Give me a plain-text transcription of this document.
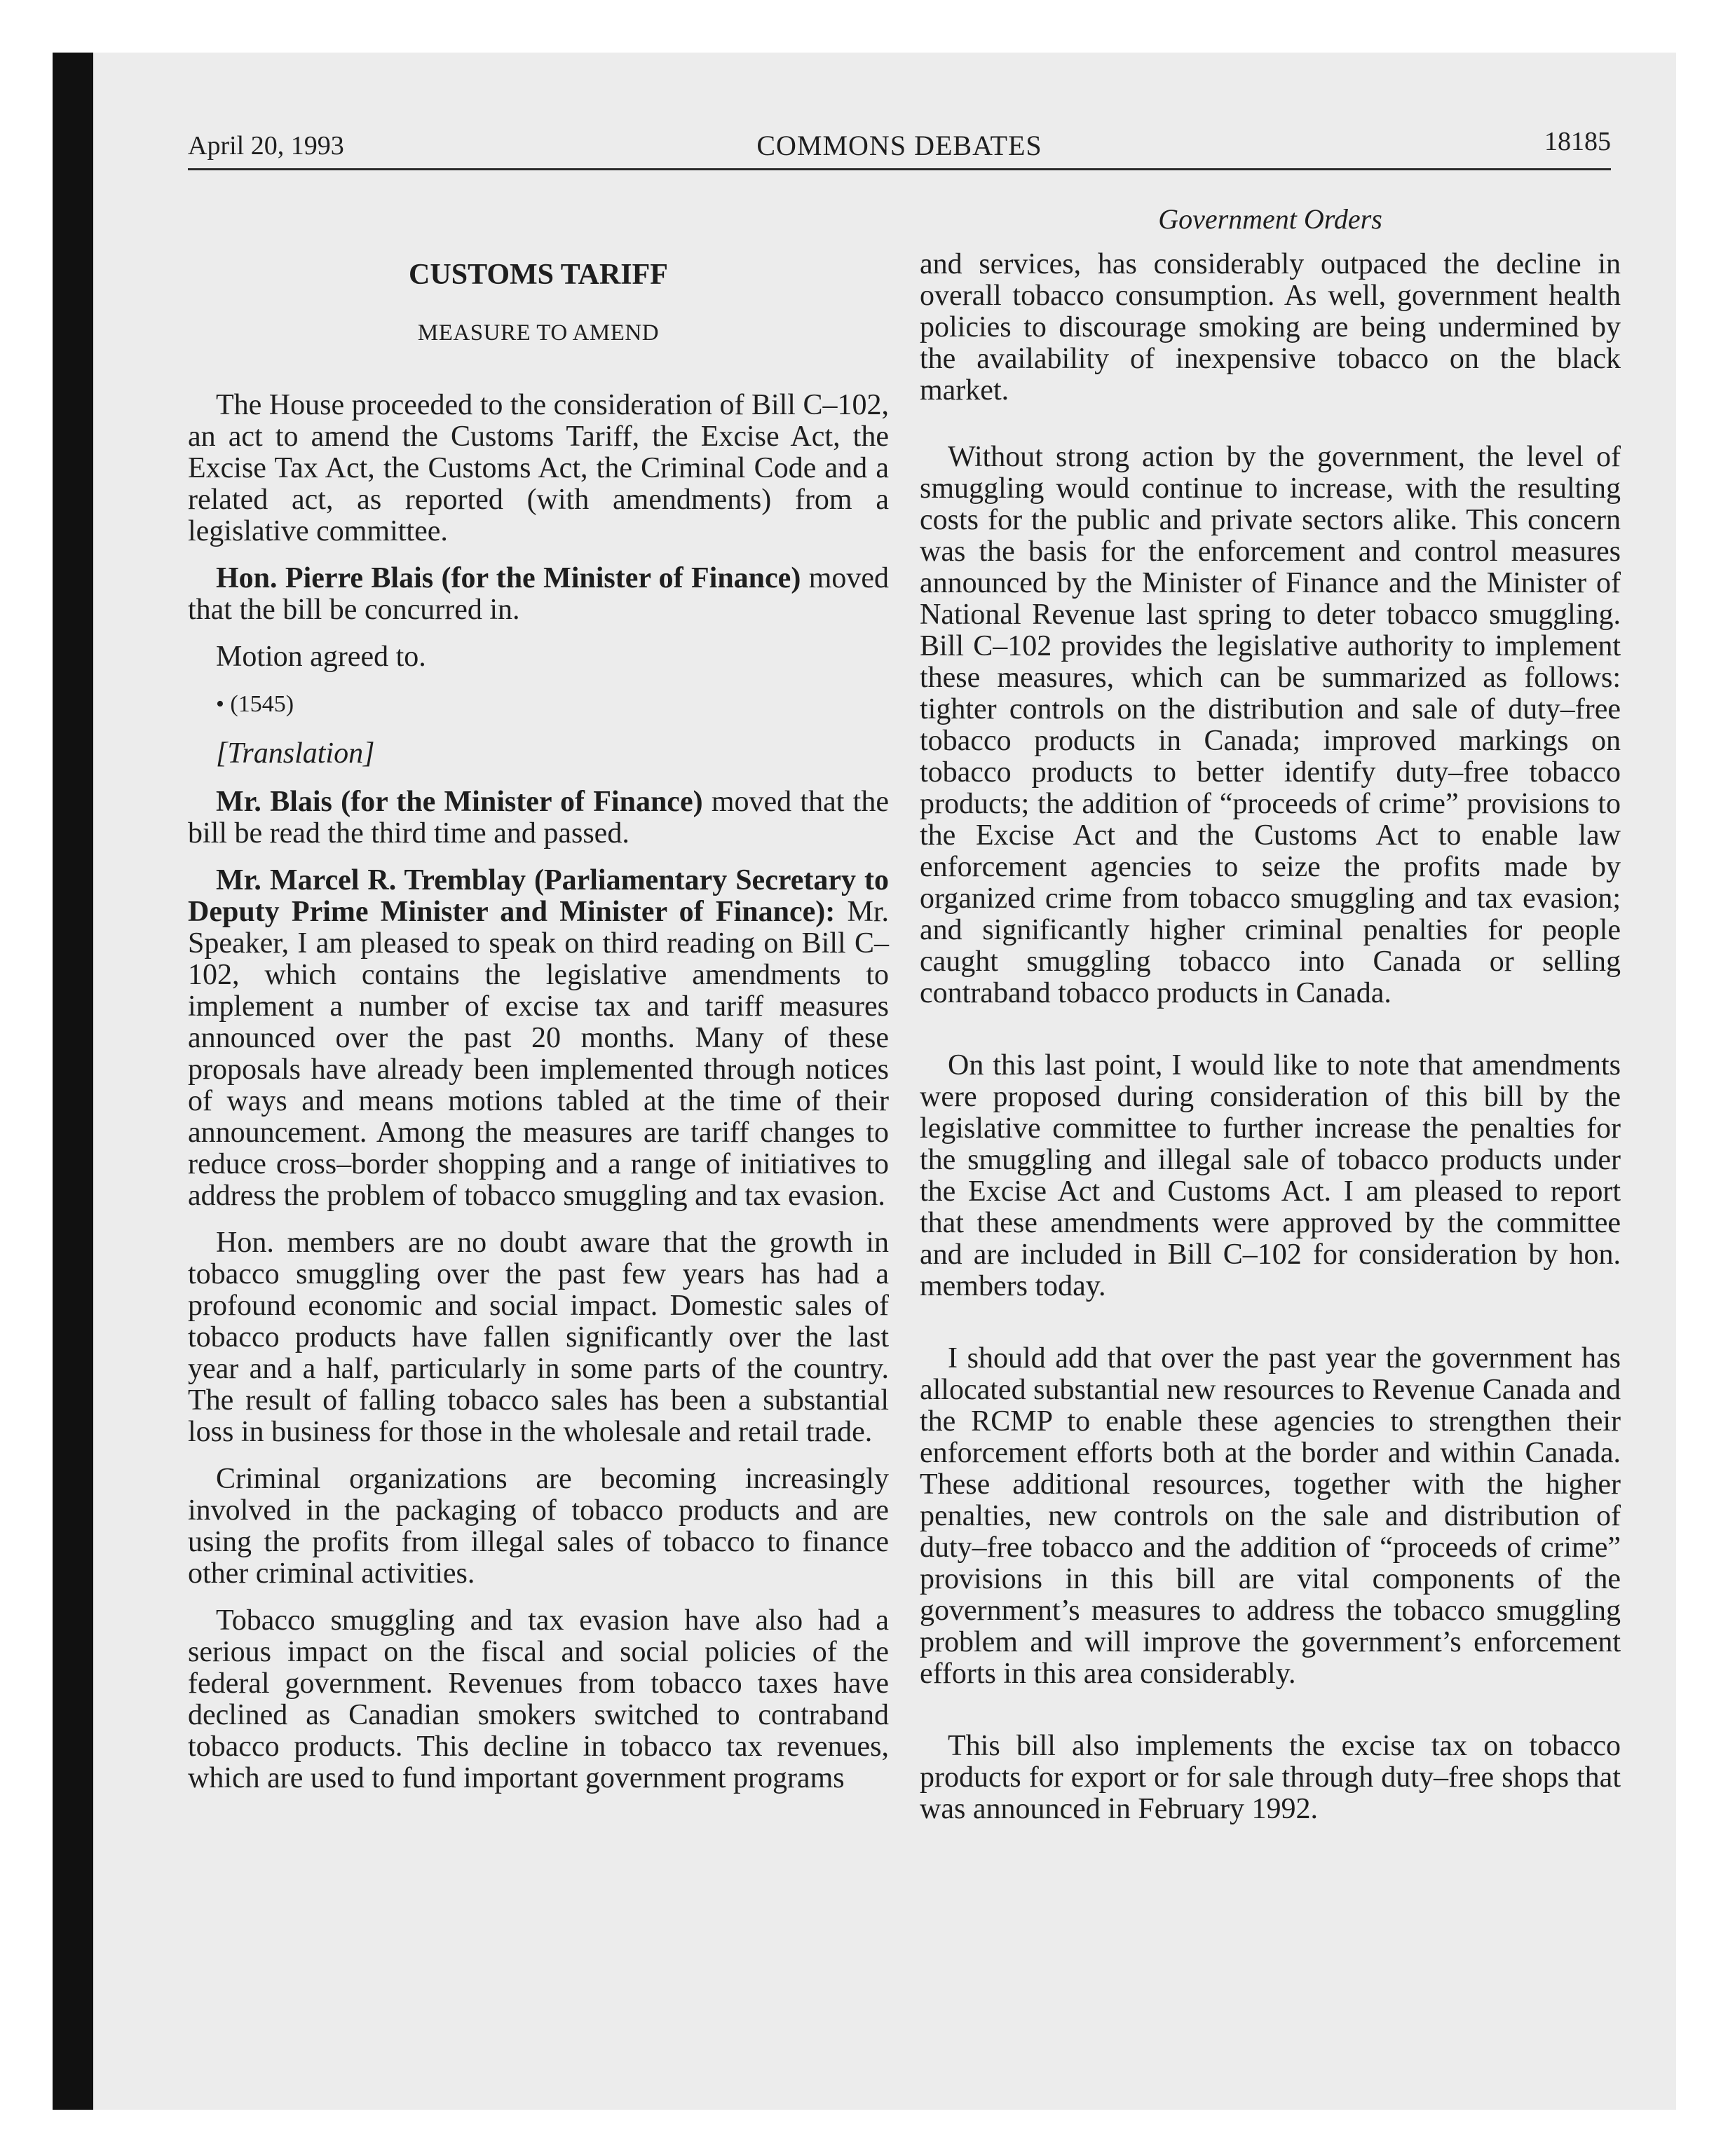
April 20, 1993	COMMONS DEBATES	18185
CUSTOMS TARIFF
MEASURE TO AMEND

The House proceeded to the consideration of Bill C–102, an act to amend the Customs Tariff, the Excise Act, the Excise Tax Act, the Customs Act, the Criminal Code and a related act, as reported (with amendments) from a legislative committee.

Hon. Pierre Blais (for the Minister of Finance) moved that the bill be concurred in.

Motion agreed to.

• (1545)

[Translation]

Mr. Blais (for the Minister of Finance) moved that the bill be read the third time and passed.

Mr. Marcel R. Tremblay (Parliamentary Secretary to Deputy Prime Minister and Minister of Finance): Mr. Speaker, I am pleased to speak on third reading on Bill C–102, which contains the legislative amendments to implement a number of excise tax and tariff measures announced over the past 20 months. Many of these proposals have already been implemented through notices of ways and means motions tabled at the time of their announcement. Among the measures are tariff changes to reduce cross–border shopping and a range of initiatives to address the problem of tobacco smuggling and tax evasion.

Hon. members are no doubt aware that the growth in tobacco smuggling over the past few years has had a profound economic and social impact. Domestic sales of tobacco products have fallen significantly over the last year and a half, particularly in some parts of the country. The result of falling tobacco sales has been a substantial loss in business for those in the wholesale and retail trade.

Criminal organizations are becoming increasingly involved in the packaging of tobacco products and are using the profits from illegal sales of tobacco to finance other criminal activities.

Tobacco smuggling and tax evasion have also had a serious impact on the fiscal and social policies of the federal government. Revenues from tobacco taxes have declined as Canadian smokers switched to contraband tobacco products. This decline in tobacco tax revenues, which are used to fund important government programs

Government Orders

and services, has considerably outpaced the decline in overall tobacco consumption. As well, government health policies to discourage smoking are being undermined by the availability of inexpensive tobacco on the black market.

Without strong action by the government, the level of smuggling would continue to increase, with the resulting costs for the public and private sectors alike. This concern was the basis for the enforcement and control measures announced by the Minister of Finance and the Minister of National Revenue last spring to deter tobacco smuggling. Bill C–102 provides the legislative authority to implement these measures, which can be summarized as follows: tighter controls on the distribution and sale of duty–free tobacco products in Canada; improved markings on tobacco products to better identify duty–free tobacco products; the addition of “proceeds of crime” provisions to the Excise Act and the Customs Act to enable law enforcement agencies to seize the profits made by organized crime from tobacco smuggling and tax evasion; and significantly higher criminal penalties for people caught smuggling tobacco into Canada or selling contraband tobacco products in Canada.

On this last point, I would like to note that amendments were proposed during consideration of this bill by the legislative committee to further increase the penalties for the smuggling and illegal sale of tobacco products under the Excise Act and Customs Act. I am pleased to report that these amendments were approved by the committee and are included in Bill C–102 for consideration by hon. members today.

I should add that over the past year the government has allocated substantial new resources to Revenue Canada and the RCMP to enable these agencies to strengthen their enforcement efforts both at the border and within Canada. These additional resources, together with the higher penalties, new controls on the sale and distribution of duty–free tobacco and the addition of “proceeds of crime” provisions in this bill are vital components of the government’s measures to address the tobacco smuggling problem and will improve the government’s enforcement efforts in this area considerably.

This bill also implements the excise tax on tobacco products for export or for sale through duty–free shops that was announced in February 1992.
